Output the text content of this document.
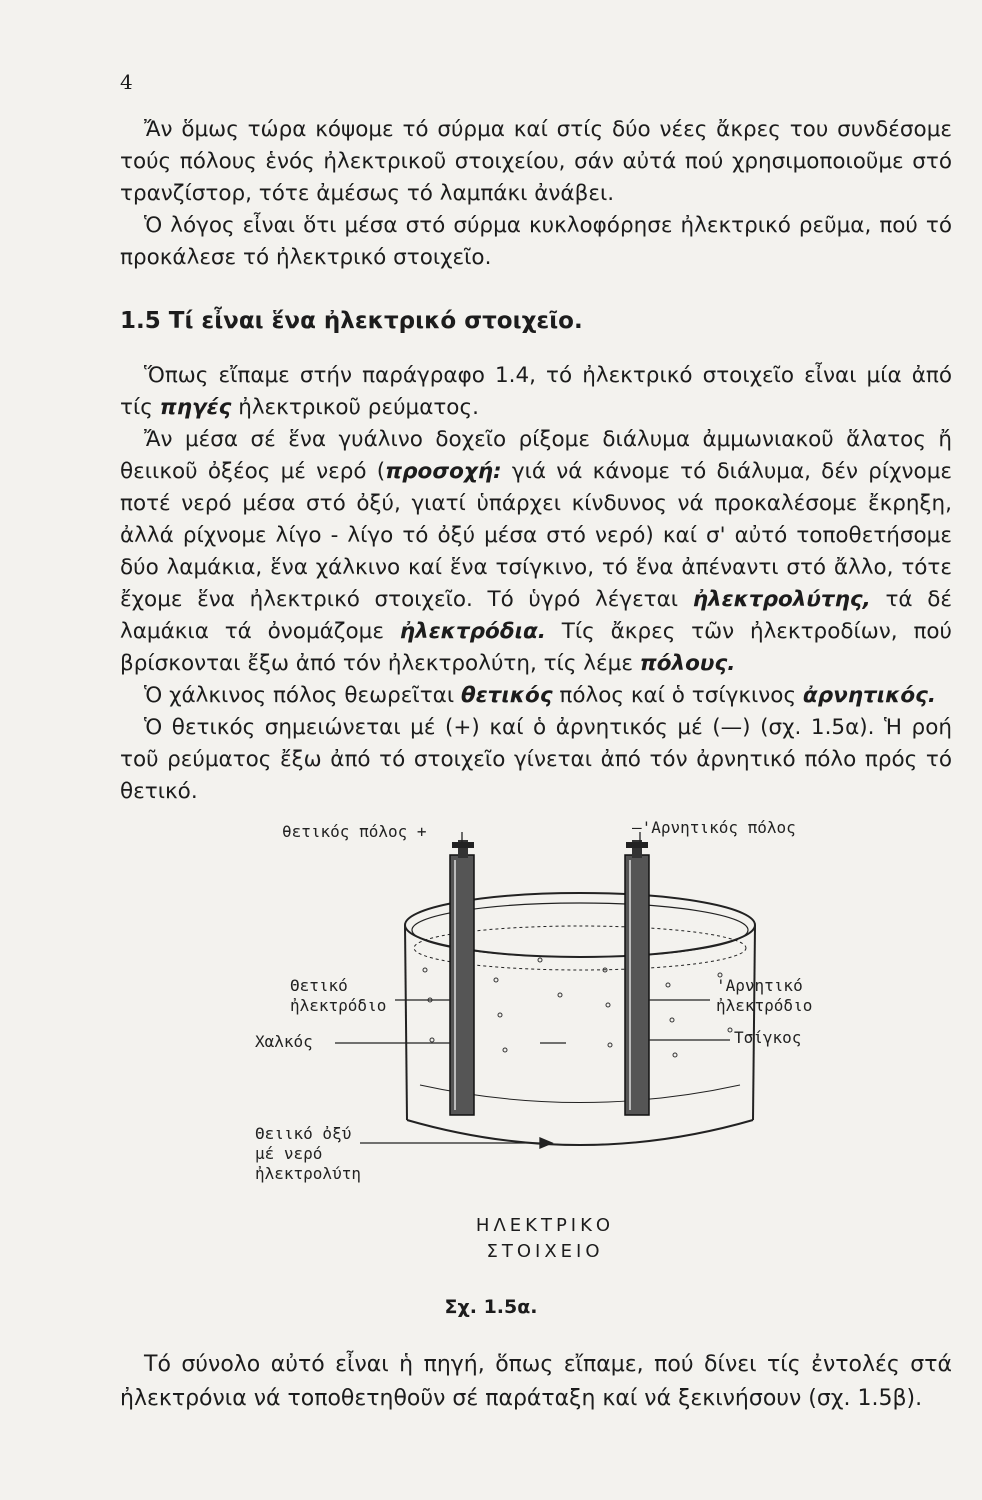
4

Ἄν ὅμως τώρα κόψομε τό σύρμα καί στίς δύο νέες ἄκρες του συνδέσομε τούς πόλους ἑνός ἠλεκτρικοῦ στοιχείου, σάν αὐτά πού χρησιμοποιοῦμε στό τρανζίστορ, τότε ἀμέσως τό λαμπάκι ἀνάβει.

Ὁ λόγος εἶναι ὅτι μέσα στό σύρμα κυκλοφόρησε ἠλεκτρικό ρεῦμα, πού τό προκάλεσε τό ἠλεκτρικό στοιχεῖο.

1.5 Τί εἶναι ἕνα ἠλεκτρικό στοιχεῖο.

Ὅπως εἴπαμε στήν παράγραφο 1.4, τό ἠλεκτρικό στοιχεῖο εἶναι μία ἀπό τίς πηγές ἠλεκτρικοῦ ρεύματος.

Ἄν μέσα σέ ἕνα γυάλινο δοχεῖο ρίξομε διάλυμα ἀμμωνιακοῦ ἅλατος ἤ θειικοῦ ὀξέος μέ νερό (προσοχή: γιά νά κάνομε τό διάλυμα, δέν ρίχνομε ποτέ νερό μέσα στό ὀξύ, γιατί ὑπάρχει κίνδυνος νά προκαλέσομε ἔκρηξη, ἀλλά ρίχνομε λίγο - λίγο τό ὀξύ μέσα στό νερό) καί σ' αὐτό τοποθετήσομε δύο λαμάκια, ἕνα χάλκινο καί ἕνα τσίγκινο, τό ἕνα ἀπέναντι στό ἄλλο, τότε ἔχομε ἕνα ἠλεκτρικό στοιχεῖο. Τό ὑγρό λέγεται ἠλεκτρολύτης, τά δέ λαμάκια τά ὀνομάζομε ἠλεκτρόδια. Τίς ἄκρες τῶν ἠλεκτροδίων, πού βρίσκονται ἔξω ἀπό τόν ἠλεκτρολύτη, τίς λέμε πόλους.

Ὁ χάλκινος πόλος θεωρεῖται θετικός πόλος καί ὁ τσίγκινος ἀρνητικός.

Ὁ θετικός σημειώνεται μέ (+) καί ὁ ἀρνητικός μέ (—) (σχ. 1.5α). Ἡ ροή τοῦ ρεύματος ἔξω ἀπό τό στοιχεῖο γίνεται ἀπό τόν ἀρνητικό πόλο πρός τό θετικό.

θετικός πόλος +	–'Αρνητικός πόλος
Θετικό
ἠλεκτρόδιο
'Αρνητικό
ἠλεκτρόδιο
Χαλκός	Τσίγκος
Θειικό ὀξύ
μέ νερό
ἠλεκτρολύτη
ΗΛΕΚΤΡΙΚΟ
ΣΤΟΙΧΕΙΟ
Σχ. 1.5α.

Τό σύνολο αὐτό εἶναι ἡ πηγή, ὅπως εἴπαμε, πού δίνει τίς ἐντολές στά ἠλεκτρόνια νά τοποθετηθοῦν σέ παράταξη καί νά ξεκινήσουν (σχ. 1.5β).
